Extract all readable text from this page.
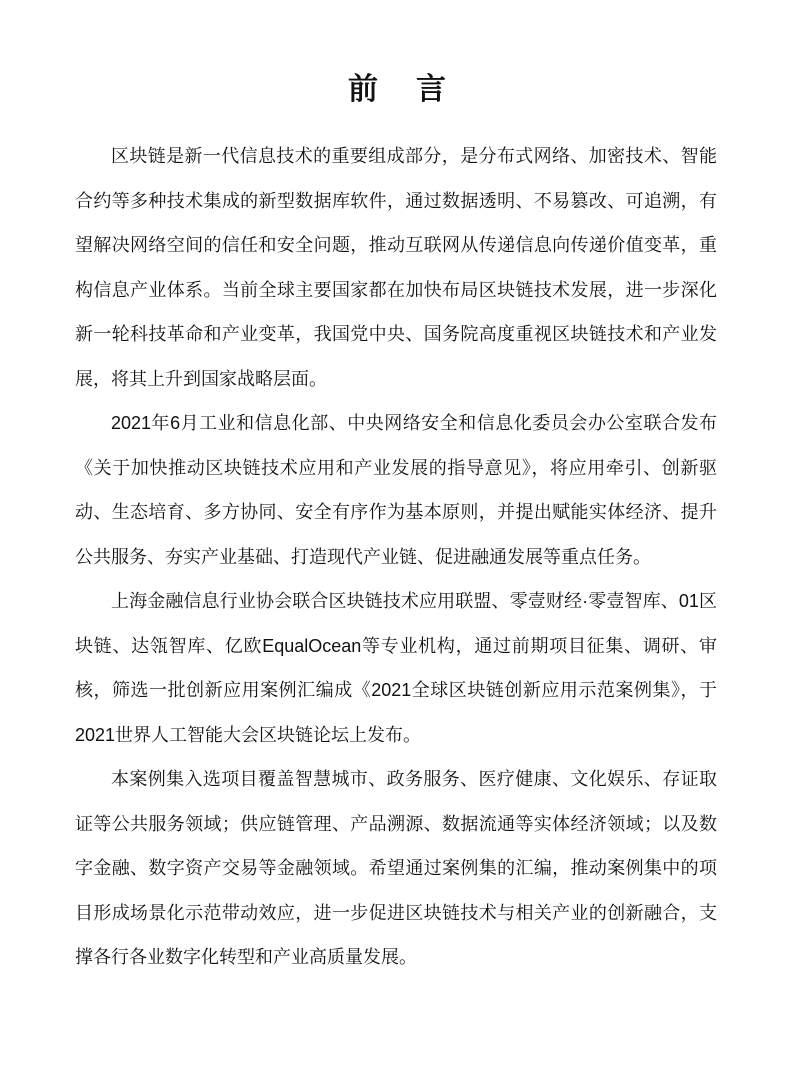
前 言

区块链是新一代信息技术的重要组成部分，是分布式网络、加密技术、智能合约等多种技术集成的新型数据库软件，通过数据透明、不易篡改、可追溯，有望解决网络空间的信任和安全问题，推动互联网从传递信息向传递价值变革，重构信息产业体系。当前全球主要国家都在加快布局区块链技术发展，进一步深化新一轮科技革命和产业变革，我国党中央、国务院高度重视区块链技术和产业发展，将其上升到国家战略层面。

2021年6月工业和信息化部、中央网络安全和信息化委员会办公室联合发布《关于加快推动区块链技术应用和产业发展的指导意见》，将应用牵引、创新驱动、生态培育、多方协同、安全有序作为基本原则，并提出赋能实体经济、提升公共服务、夯实产业基础、打造现代产业链、促进融通发展等重点任务。

上海金融信息行业协会联合区块链技术应用联盟、零壹财经·零壹智库、01区块链、达瓴智库、亿欧EqualOcean等专业机构，通过前期项目征集、调研、审核，筛选一批创新应用案例汇编成《2021全球区块链创新应用示范案例集》，于2021世界人工智能大会区块链论坛上发布。

本案例集入选项目覆盖智慧城市、政务服务、医疗健康、文化娱乐、存证取证等公共服务领域；供应链管理、产品溯源、数据流通等实体经济领域；以及数字金融、数字资产交易等金融领域。希望通过案例集的汇编，推动案例集中的项目形成场景化示范带动效应，进一步促进区块链技术与相关产业的创新融合，支撑各行各业数字化转型和产业高质量发展。
